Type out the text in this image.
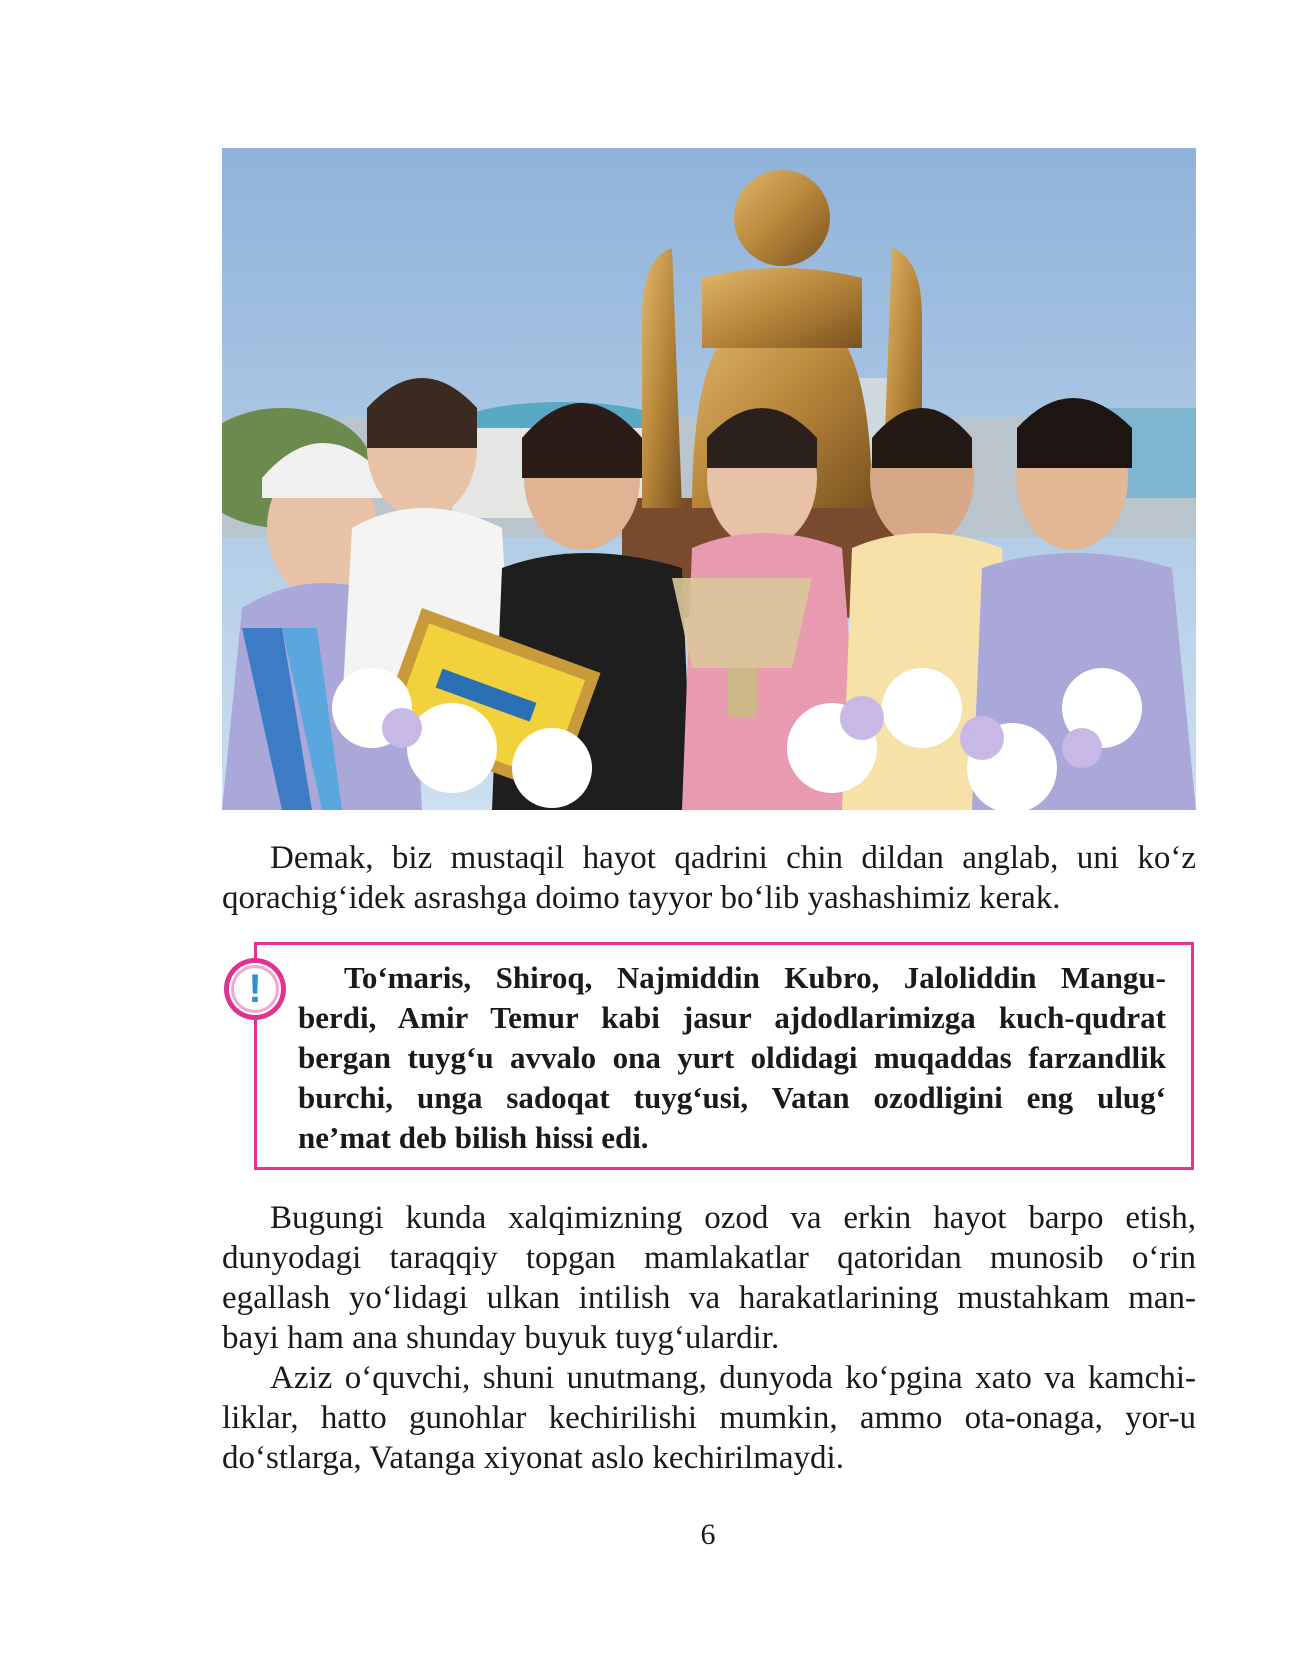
Demak, biz mustaqil hayot qadrini chin dildan anglab, uni ko‘z
qorachig‘idek asrashga doimo tayyor bo‘lib yashashimiz kerak.

!	To‘maris, Shiroq, Najmiddin Kubro, Jaloliddin Mangu-
berdi, Amir Temur kabi jasur ajdodlarimizga kuch-qudrat
bergan tuyg‘u avvalo ona yurt oldidagi muqaddas farzandlik
burchi, unga sadoqat tuyg‘usi, Vatan ozodligini eng ulug‘
ne’mat deb bilish hissi edi.

Bugungi kunda xalqimizning ozod va erkin hayot barpo etish,
dunyodagi taraqqiy topgan mamlakatlar qatoridan munosib o‘rin
egallash yo‘lidagi ulkan intilish va harakatlarining mustahkam man-
bayi ham ana shunday buyuk tuyg‘ulardir.

Aziz o‘quvchi, shuni unutmang, dunyoda ko‘pgina xato va kamchi-
liklar, hatto gunohlar kechirilishi mumkin, ammo ota-onaga, yor-u
do‘stlarga, Vatanga xiyonat aslo kechirilmaydi.

6
